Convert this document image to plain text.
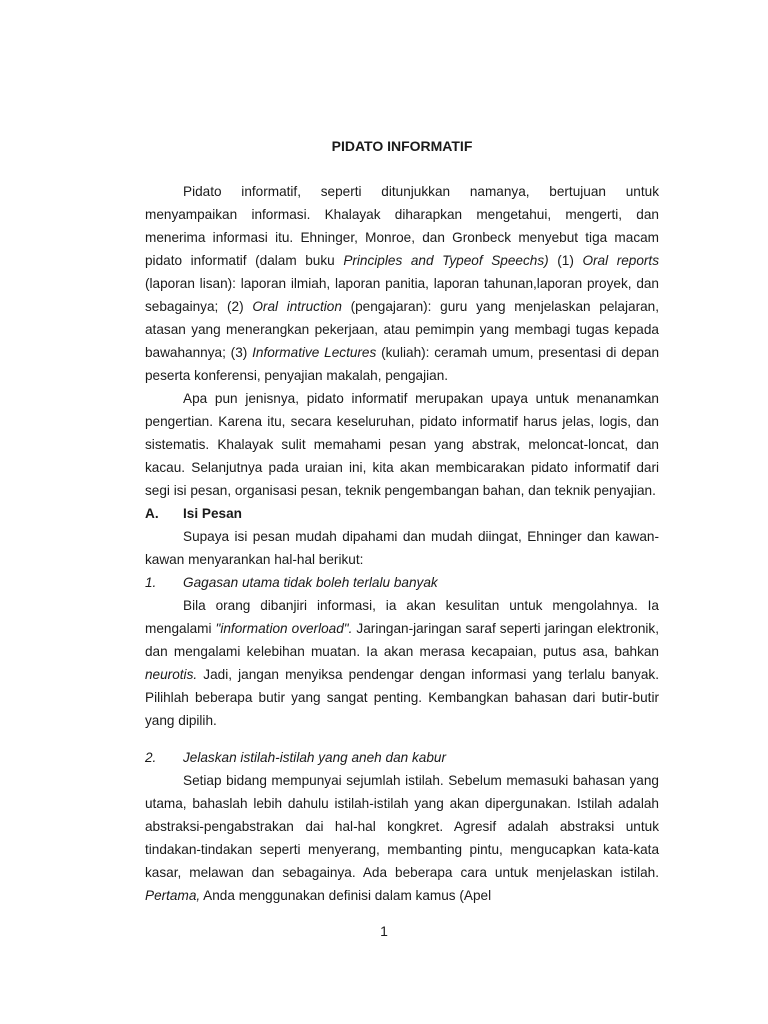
PIDATO INFORMATIF

Pidato informatif, seperti ditunjukkan namanya, bertujuan untuk menyampaikan informasi. Khalayak diharapkan mengetahui, mengerti, dan menerima informasi itu. Ehninger, Monroe, dan Gronbeck menyebut tiga macam pidato informatif (dalam buku Principles and Typeof Speechs) (1) Oral reports (laporan lisan): laporan ilmiah, laporan panitia, laporan tahunan,laporan proyek, dan sebagainya; (2) Oral intruction (pengajaran): guru yang menjelaskan pelajaran, atasan yang menerangkan pekerjaan, atau pemimpin yang membagi tugas kepada bawahannya; (3) Informative Lectures (kuliah): ceramah umum, presentasi di depan peserta konferensi, penyajian makalah, pengajian.

Apa pun jenisnya, pidato informatif merupakan upaya untuk menanamkan pengertian. Karena itu, secara keseluruhan, pidato informatif harus jelas, logis, dan sistematis. Khalayak sulit memahami pesan yang abstrak, meloncat-loncat, dan kacau. Selanjutnya pada uraian ini, kita akan membicarakan pidato informatif dari segi isi pesan, organisasi pesan, teknik pengembangan bahan, dan teknik penyajian.

A. Isi Pesan

Supaya isi pesan mudah dipahami dan mudah diingat, Ehninger dan kawan-kawan menyarankan hal-hal berikut:

1. Gagasan utama tidak boleh terlalu banyak

Bila orang dibanjiri informasi, ia akan kesulitan untuk mengolahnya. Ia mengalami "information overload". Jaringan-jaringan saraf seperti jaringan elektronik, dan mengalami kelebihan muatan. Ia akan merasa kecapaian, putus asa, bahkan neurotis. Jadi, jangan menyiksa pendengar dengan informasi yang terlalu banyak. Pilihlah beberapa butir yang sangat penting. Kembangkan bahasan dari butir-butir yang dipilih.

2. Jelaskan istilah-istilah yang aneh dan kabur

Setiap bidang mempunyai sejumlah istilah. Sebelum memasuki bahasan yang utama, bahaslah lebih dahulu istilah-istilah yang akan dipergunakan. Istilah adalah abstraksi-pengabstrakan dai hal-hal kongkret. Agresif adalah abstraksi untuk tindakan-tindakan seperti menyerang, membanting pintu, mengucapkan kata-kata kasar, melawan dan sebagainya. Ada beberapa cara untuk menjelaskan istilah. Pertama, Anda menggunakan definisi dalam kamus (Apel

1
